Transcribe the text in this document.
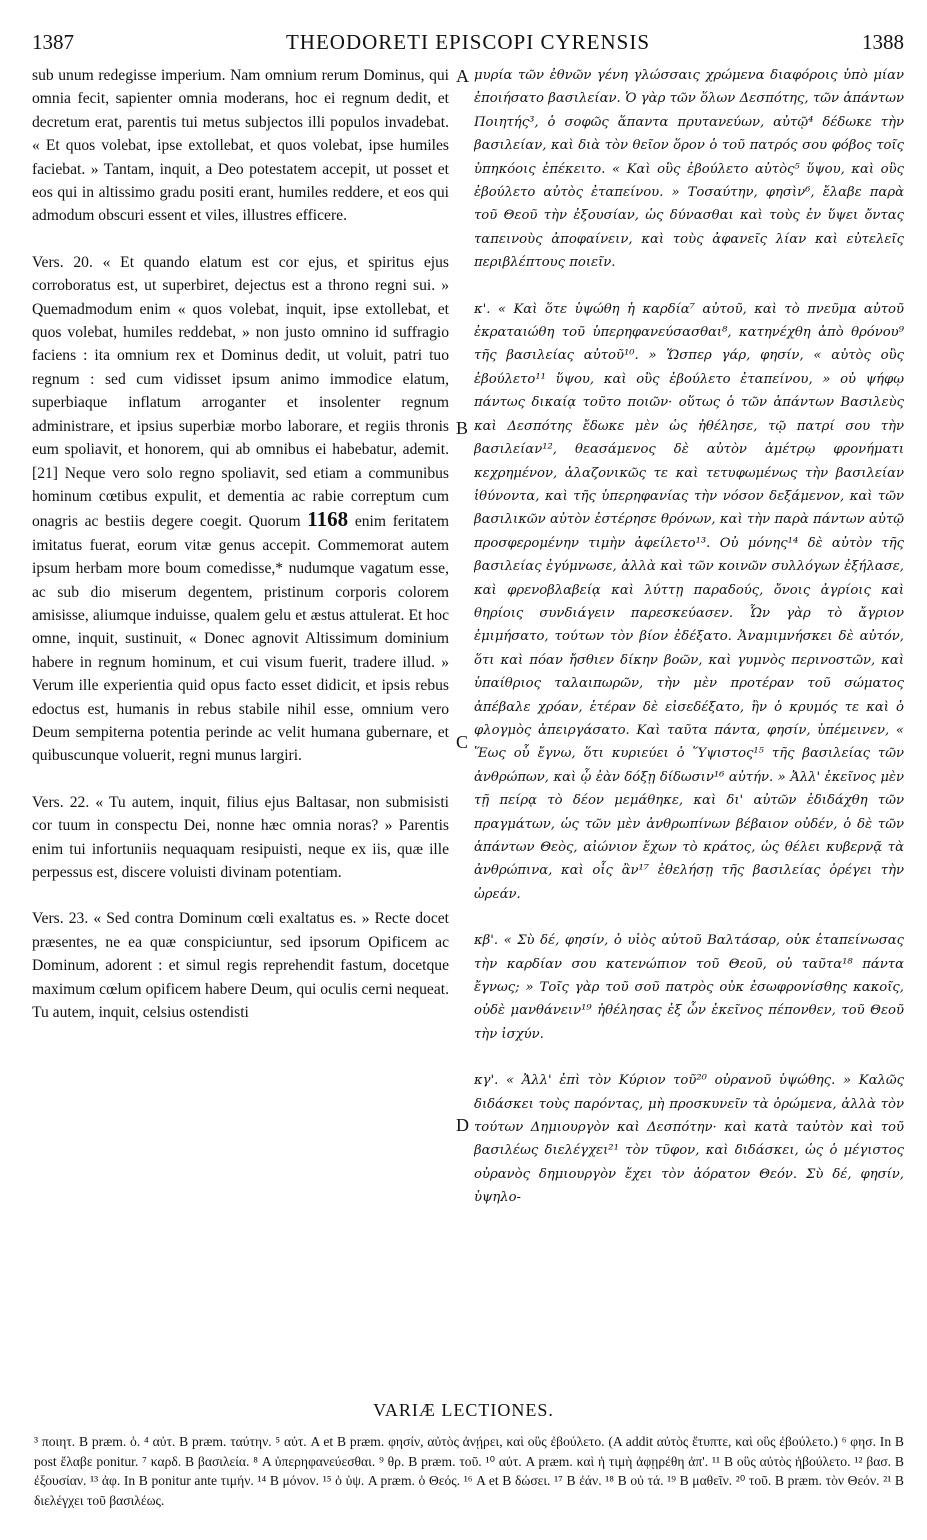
1387	THEODORETI EPISCOPI CYRENSIS	1388

sub unum redegisse imperium. Nam omnium rerum Dominus, qui omnia fecit, sapienter omnia moderans, hoc ei regnum dedit, et decretum erat, parentis tui metus subjectos illi populos invadebat. « Et quos volebat, ipse extollebat, et quos volebat, ipse humiles faciebat. » Tantam, inquit, a Deo potestatem accepit, ut posset et eos qui in altissimo gradu positi erant, humiles reddere, et eos qui admodum obscuri essent et viles, illustres efficere.

Vers. 20. « Et quando elatum est cor ejus, et spiritus ejus corroboratus est, ut superbiret, dejectus est a throno regni sui. » Quemadmodum enim « quos volebat, inquit, ipse extollebat, et quos volebat, humiles reddebat, » non justo omnino id suffragio faciens : ita omnium rex et Dominus dedit, ut voluit, patri tuo regnum : sed cum vidisset ipsum animo immodice elatum, superbiaque inflatum arroganter et insolenter regnum administrare, et ipsius superbiæ morbo laborare, et regiis thronis eum spoliavit, et honorem, qui ab omnibus ei habebatur, ademit. [21] Neque vero solo regno spoliavit, sed etiam a communibus hominum cœtibus expulit, et dementia ac rabie correptum cum onagris ac bestiis degere coegit. Quorum 1168 enim feritatem imitatus fuerat, eorum vitæ genus accepit. Commemorat autem ipsum herbam more boum comedisse,* nudumque vagatum esse, ac sub dio miserum degentem, pristinum corporis colorem amisisse, aliumque induisse, qualem gelu et æstus attulerat. Et hoc omne, inquit, sustinuit, « Donec agnovit Altissimum dominium habere in regnum hominum, et cui visum fuerit, tradere illud. » Verum ille experientia quid opus facto esset didicit, et ipsis rebus edoctus est, humanis in rebus stabile nihil esse, omnium vero Deum sempiterna potentia perinde ac velit humana gubernare, et quibuscunque voluerit, regni munus largiri.

Vers. 22. « Tu autem, inquit, filius ejus Baltasar, non submisisti cor tuum in conspectu Dei, nonne hæc omnia noras? » Parentis enim tui infortuniis nequaquam resipuisti, neque ex iis, quæ ille perpessus est, discere voluisti divinam potentiam.

Vers. 23. « Sed contra Dominum cœli exaltatus es. » Recte docet præsentes, ne ea quæ conspiciuntur, sed ipsorum Opificem ac Dominum, adorent : et simul regis reprehendit fastum, docetque maximum cœlum opificem habere Deum, qui oculis cerni nequeat. Tu autem, inquit, celsius ostendisti

A
B
C
D

μυρία τῶν ἐθνῶν γένη γλώσσαις χρώμενα διαφόροις ὑπὸ μίαν ἐποιήσατο βασιλείαν. Ὁ γὰρ τῶν ὅλων Δεσπότης, τῶν ἁπάντων Ποιητής³, ὁ σοφῶς ἅπαντα πρυτανεύων, αὐτῷ⁴ δέδωκε τὴν βασιλείαν, καὶ διὰ τὸν θεῖον ὅρον ὁ τοῦ πατρός σου φόβος τοῖς ὑπηκόοις ἐπέκειτο. « Καὶ οὓς ἐβούλετο αὐτὸς⁵ ὕψου, καὶ οὓς ἐβούλετο αὐτὸς ἐταπείνου. » Τοσαύτην, φησὶν⁶, ἔλαβε παρὰ τοῦ Θεοῦ τὴν ἐξουσίαν, ὡς δύνασθαι καὶ τοὺς ἐν ὕψει ὄντας ταπεινοὺς ἀποφαίνειν, καὶ τοὺς ἀφανεῖς λίαν καὶ εὐτελεῖς περιβλέπτους ποιεῖν.

κ'. « Καὶ ὅτε ὑψώθη ἡ καρδία⁷ αὐτοῦ, καὶ τὸ πνεῦμα αὐτοῦ ἐκραταιώθη τοῦ ὑπερηφανεύσασθαι⁸, κατηνέχθη ἀπὸ θρόνου⁹ τῆς βασιλείας αὐτοῦ¹⁰. » Ὥσπερ γάρ, φησίν, « αὐτὸς οὓς ἐβούλετο¹¹ ὕψου, καὶ οὓς ἐβούλετο ἐταπείνου, » οὐ ψήφῳ πάντως δικαίᾳ τοῦτο ποιῶν· οὕτως ὁ τῶν ἁπάντων Βασιλεὺς καὶ Δεσπότης ἔδωκε μὲν ὡς ἠθέλησε, τῷ πατρί σου τὴν βασιλείαν¹², θεασάμενος δὲ αὐτὸν ἀμέτρῳ φρονήματι κεχρημένον, ἀλαζονικῶς τε καὶ τετυφωμένως τὴν βασιλείαν ἰθύνοντα, καὶ τῆς ὑπερηφανίας τὴν νόσον δεξάμενον, καὶ τῶν βασιλικῶν αὐτὸν ἐστέρησε θρόνων, καὶ τὴν παρὰ πάντων αὐτῷ προσφερομένην τιμὴν ἀφείλετο¹³. Οὐ μόνης¹⁴ δὲ αὐτὸν τῆς βασιλείας ἐγύμνωσε, ἀλλὰ καὶ τῶν κοινῶν συλλόγων ἐξήλασε, καὶ φρενοβλαβείᾳ καὶ λύττῃ παραδούς, ὄνοις ἀγρίοις καὶ θηρίοις συνδιάγειν παρεσκεύασεν. Ὧν γὰρ τὸ ἄγριον ἐμιμήσατο, τούτων τὸν βίον ἐδέξατο. Ἀναμιμνήσκει δὲ αὐτόν, ὅτι καὶ πόαν ἤσθιεν δίκην βοῶν, καὶ γυμνὸς περινοστῶν, καὶ ὑπαίθριος ταλαιπωρῶν, τὴν μὲν προτέραν τοῦ σώματος ἀπέβαλε χρόαν, ἑτέραν δὲ εἰσεδέξατο, ἣν ὁ κρυμός τε καὶ ὁ φλογμὸς ἀπειργάσατο. Καὶ ταῦτα πάντα, φησίν, ὑπέμεινεν, « Ἕως οὗ ἔγνω, ὅτι κυριεύει ὁ Ὕψιστος¹⁵ τῆς βασιλείας τῶν ἀνθρώπων, καὶ ᾧ ἐὰν δόξῃ δίδωσιν¹⁶ αὐτήν. » Ἀλλ' ἐκεῖνος μὲν τῇ πείρᾳ τὸ δέον μεμάθηκε, καὶ δι' αὐτῶν ἐδιδάχθη τῶν πραγμάτων, ὡς τῶν μὲν ἀνθρωπίνων βέβαιον οὐδέν, ὁ δὲ τῶν ἁπάντων Θεὸς, αἰώνιον ἔχων τὸ κράτος, ὡς θέλει κυβερνᾷ τὰ ἀνθρώπινα, καὶ οἷς ἂν¹⁷ ἐθελήσῃ τῆς βασιλείας ὀρέγει τὴν ὠρεάν.

κβ'. « Σὺ δέ, φησίν, ὁ υἱὸς αὐτοῦ Βαλτάσαρ, οὐκ ἐταπείνωσας τὴν καρδίαν σου κατενώπιον τοῦ Θεοῦ, οὐ ταῦτα¹⁸ πάντα ἔγνως; » Τοῖς γὰρ τοῦ σοῦ πατρὸς οὐκ ἐσωφρονίσθης κακοῖς, οὐδὲ μανθάνειν¹⁹ ἠθέλησας ἐξ ὧν ἐκεῖνος πέπονθεν, τοῦ Θεοῦ τὴν ἰσχύν.

κγ'. « Ἀλλ' ἐπὶ τὸν Κύριον τοῦ²⁰ οὐρανοῦ ὑψώθης. » Καλῶς διδάσκει τοὺς παρόντας, μὴ προσκυνεῖν τὰ ὁρώμενα, ἀλλὰ τὸν τούτων Δημιουργὸν καὶ Δεσπότην· καὶ κατὰ ταὐτὸν καὶ τοῦ βασιλέως διελέγχει²¹ τὸν τῦφον, καὶ διδάσκει, ὡς ὁ μέγιστος οὐρανὸς δημιουργὸν ἔχει τὸν ἀόρατον Θεόν. Σὺ δέ, φησίν, ὑψηλο-

VARIÆ LECTIONES.
³ ποιητ. B præm. ὁ. ⁴ αὐτ. B præm. ταύτην. ⁵ αὐτ. A et B præm. φησίν, αὐτὸς ἀνῄρει, καὶ οὓς ἐβούλετο. (A addit αὐτὸς ἔτυπτε, καὶ οὓς ἐβούλετο.) ⁶ φησ. In B post ἔλαβε ponitur. ⁷ καρδ. B βασιλεία. ⁸ A ὑπερηφανεύεσθαι. ⁹ θρ. B præm. τοῦ. ¹⁰ αὐτ. A præm. καὶ ἡ τιμὴ ἀφῃρέθη ἀπ'. ¹¹ B οὓς αὐτὸς ἠβούλετο. ¹² βασ. B ἐξουσίαν. ¹³ ἀφ. In B ponitur ante τιμήν. ¹⁴ B μόνον. ¹⁵ ὁ ὑψ. A præm. ὁ Θεός. ¹⁶ A et B δώσει. ¹⁷ B ἐάν. ¹⁸ B οὐ τά. ¹⁹ B μαθεῖν. ²⁰ τοῦ. B præm. τὸν Θεόν. ²¹ B διελέγχει τοῦ βασιλέως.
